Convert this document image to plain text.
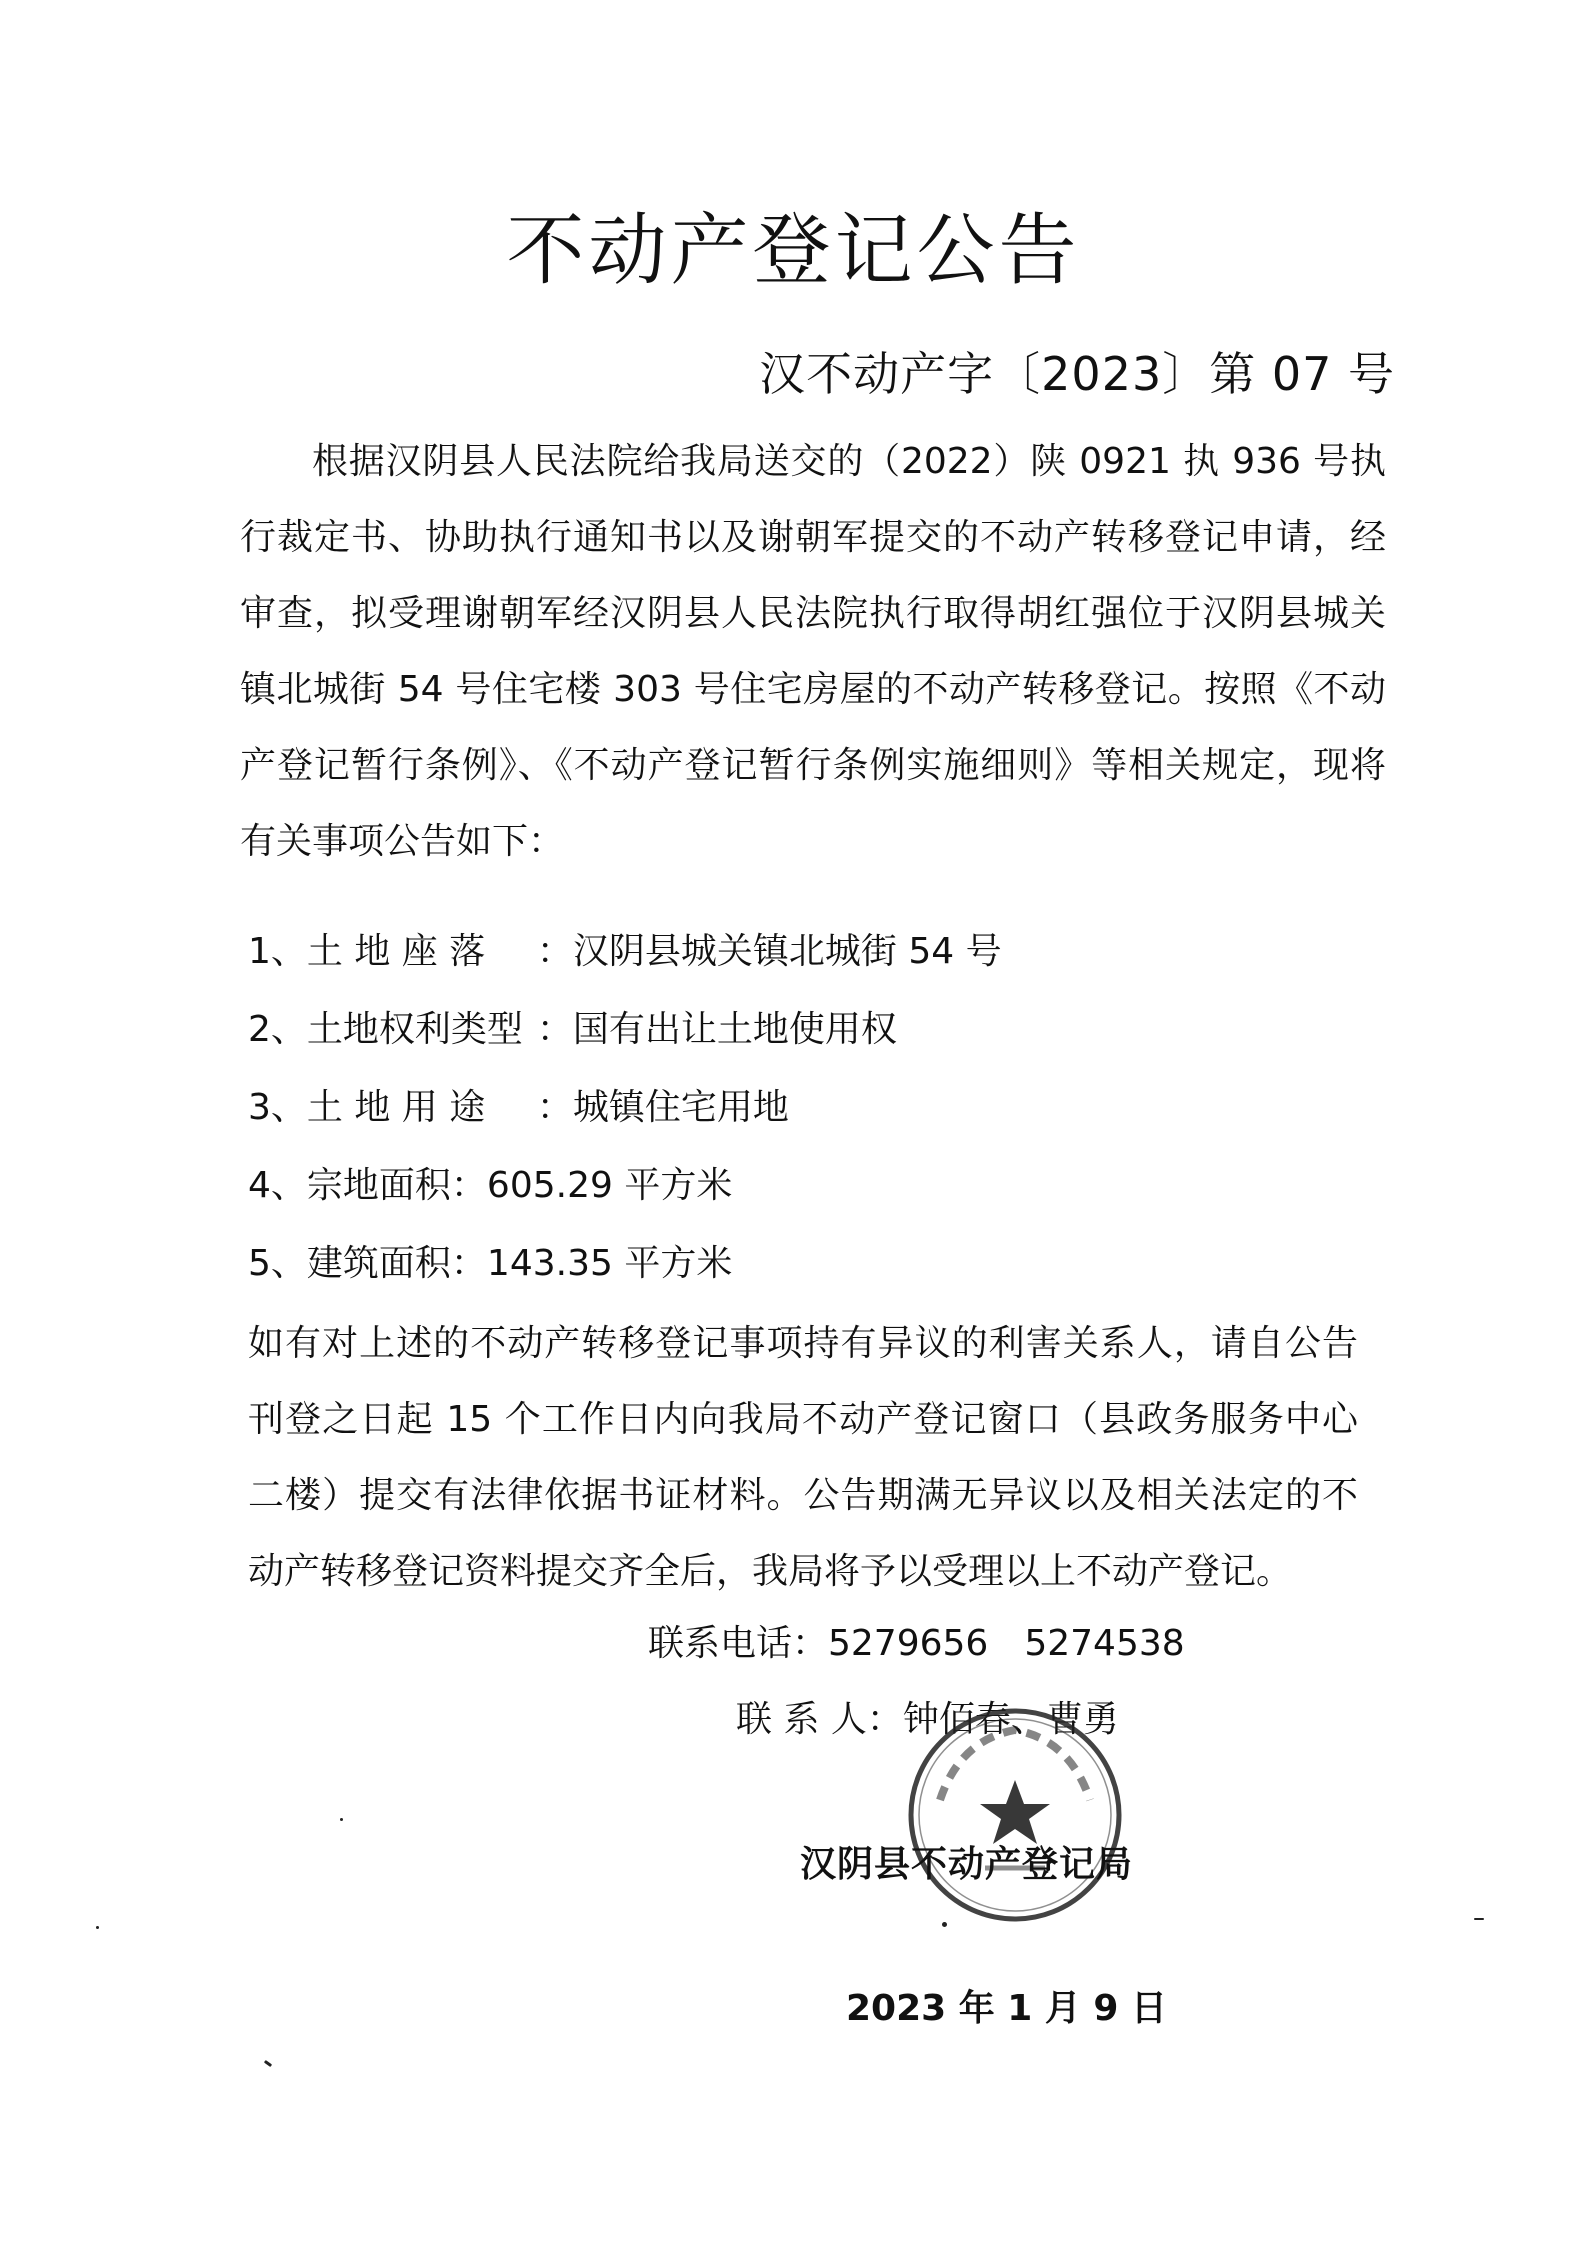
不动产登记公告
汉不动产字〔2023〕第 07 号

根据汉阴县人民法院给我局送交的（2022）陕 0921 执 936 号执行裁定书、协助执行通知书以及谢朝军提交的不动产转移登记申请，经审查，拟受理谢朝军经汉阴县人民法院执行取得胡红强位于汉阴县城关镇北城街 54 号住宅楼 303 号住宅房屋的不动产转移登记。按照《不动产登记暂行条例》、《不动产登记暂行条例实施细则》等相关规定，现将有关事项公告如下：

1、土 地 座 落 ：汉阴县城关镇北城街 54 号
2、土地权利类型 ：国有出让土地使用权
3、土 地 用 途 ：城镇住宅用地
4、宗地面积：605.29 平方米
5、建筑面积：143.35 平方米

如有对上述的不动产转移登记事项持有异议的利害关系人，请自公告刊登之日起 15 个工作日内向我局不动产登记窗口（县政务服务中心二楼）提交有法律依据书证材料。公告期满无异议以及相关法定的不动产转移登记资料提交齐全后，我局将予以受理以上不动产登记。

联系电话：5279656　5274538
联 系 人：钟佰春、曹勇
汉阴县不动产登记局
2023 年 1 月 9 日
